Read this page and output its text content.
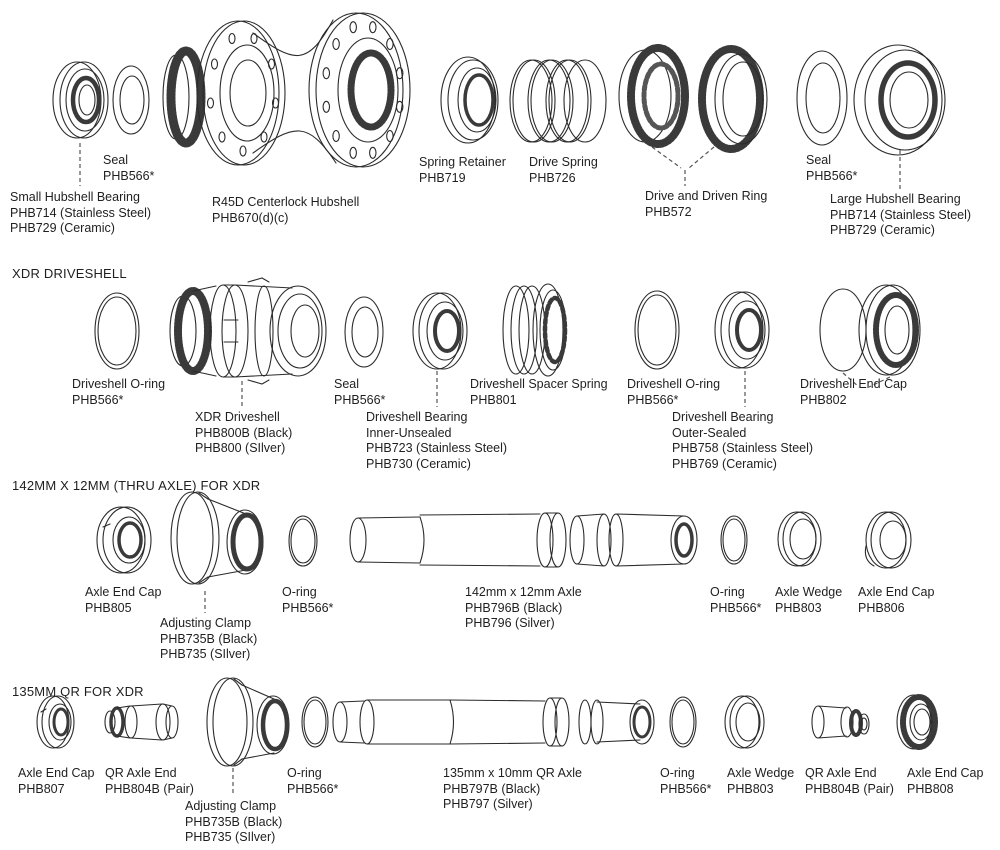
XDR DRIVESHELL
142MM X 12MM (THRU AXLE) FOR XDR
135MM QR FOR XDR
Seal
PHB566*
Small Hubshell Bearing
PHB714 (Stainless Steel)
PHB729 (Ceramic)
R45D Centerlock Hubshell
PHB670(d)(c)
Spring Retainer
PHB719
Drive Spring
PHB726
Drive and Driven Ring
PHB572
Seal
PHB566*
Large Hubshell Bearing
PHB714 (Stainless Steel)
PHB729 (Ceramic)
Driveshell O-ring
PHB566*
XDR Driveshell
PHB800B (Black)
PHB800 (SIlver)
Seal
PHB566*
Driveshell Bearing
Inner-Unsealed
PHB723 (Stainless Steel)
PHB730 (Ceramic)
Driveshell Spacer Spring
PHB801
Driveshell O-ring
PHB566*
Driveshell Bearing
Outer-Sealed
PHB758 (Stainless Steel)
PHB769 (Ceramic)
Driveshell End Cap
PHB802
Axle End Cap
PHB805
Adjusting Clamp
PHB735B (Black)
PHB735 (SIlver)
O-ring
PHB566*
142mm x 12mm Axle
PHB796B (Black)
PHB796 (Silver)
O-ring
PHB566*
Axle Wedge
PHB803
Axle End Cap
PHB806
Axle End Cap
PHB807
QR Axle End
PHB804B (Pair)
Adjusting Clamp
PHB735B (Black)
PHB735 (SIlver)
O-ring
PHB566*
135mm x 10mm QR Axle
PHB797B (Black)
PHB797 (Silver)
O-ring
PHB566*
Axle Wedge
PHB803
QR Axle End
PHB804B (Pair)
Axle End Cap
PHB808
